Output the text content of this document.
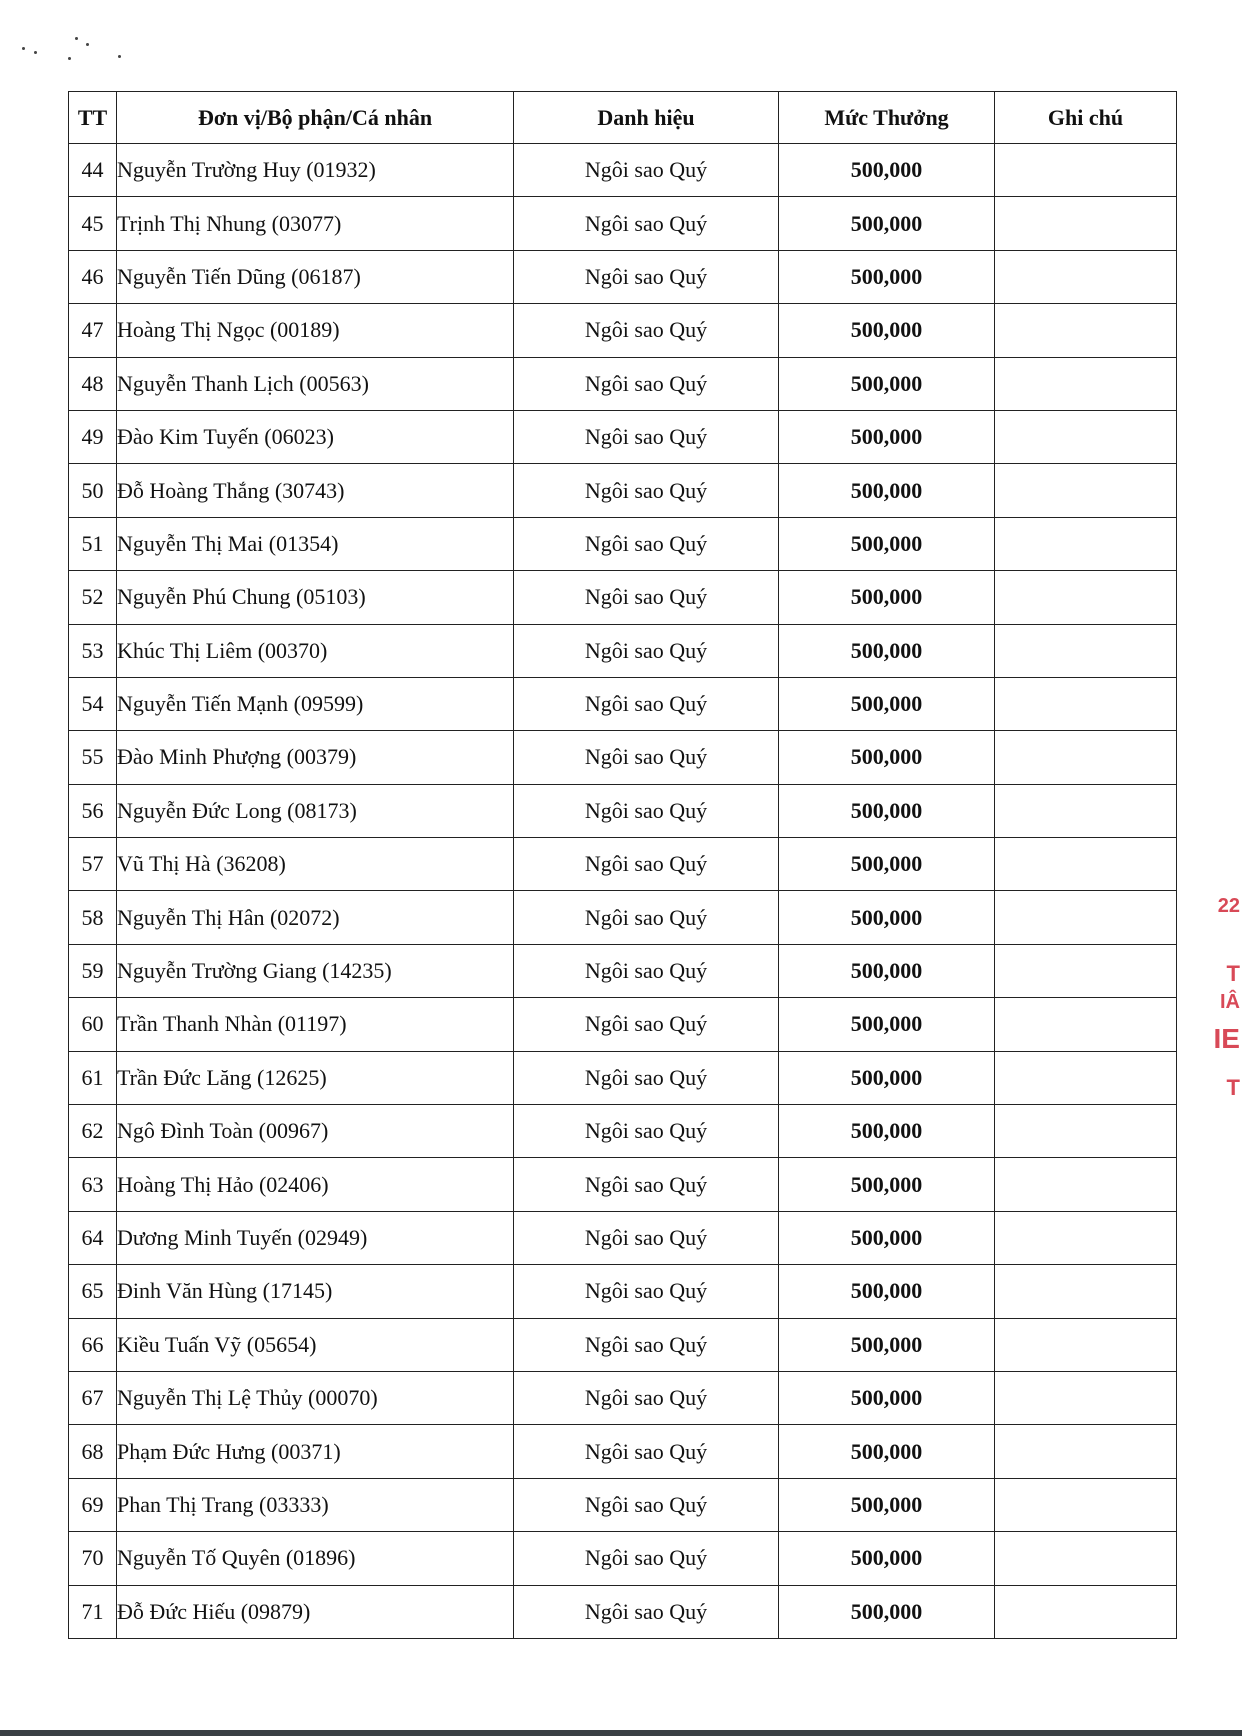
TT	Đơn vị/Bộ phận/Cá nhân	Danh hiệu	Mức Thưởng	Ghi chú
44	Nguyễn Trường Huy (01932)	Ngôi sao Quý	500,000	
45	Trịnh Thị Nhung (03077)	Ngôi sao Quý	500,000	
46	Nguyễn Tiến Dũng (06187)	Ngôi sao Quý	500,000	
47	Hoàng Thị Ngọc (00189)	Ngôi sao Quý	500,000	
48	Nguyễn Thanh Lịch (00563)	Ngôi sao Quý	500,000	
49	Đào Kim Tuyến (06023)	Ngôi sao Quý	500,000	
50	Đỗ Hoàng Thắng (30743)	Ngôi sao Quý	500,000	
51	Nguyễn Thị Mai (01354)	Ngôi sao Quý	500,000	
52	Nguyễn Phú Chung (05103)	Ngôi sao Quý	500,000	
53	Khúc Thị Liêm (00370)	Ngôi sao Quý	500,000	
54	Nguyễn Tiến Mạnh (09599)	Ngôi sao Quý	500,000	
55	Đào Minh Phượng (00379)	Ngôi sao Quý	500,000	
56	Nguyễn Đức Long (08173)	Ngôi sao Quý	500,000	
57	Vũ Thị Hà (36208)	Ngôi sao Quý	500,000	
58	Nguyễn Thị Hân (02072)	Ngôi sao Quý	500,000	
59	Nguyễn Trường Giang (14235)	Ngôi sao Quý	500,000	
60	Trần Thanh Nhàn (01197)	Ngôi sao Quý	500,000	
61	Trần Đức Lăng (12625)	Ngôi sao Quý	500,000	
62	Ngô Đình Toàn (00967)	Ngôi sao Quý	500,000	
63	Hoàng Thị Hảo (02406)	Ngôi sao Quý	500,000	
64	Dương Minh Tuyến (02949)	Ngôi sao Quý	500,000	
65	Đinh Văn Hùng (17145)	Ngôi sao Quý	500,000	
66	Kiều Tuấn Vỹ (05654)	Ngôi sao Quý	500,000	
67	Nguyễn Thị Lệ Thủy (00070)	Ngôi sao Quý	500,000	
68	Phạm Đức Hưng (00371)	Ngôi sao Quý	500,000	
69	Phan Thị Trang (03333)	Ngôi sao Quý	500,000	
70	Nguyễn Tố Quyên (01896)	Ngôi sao Quý	500,000	
71	Đỗ Đức Hiếu (09879)	Ngôi sao Quý	500,000	
22
T
IÂ
IE
T
